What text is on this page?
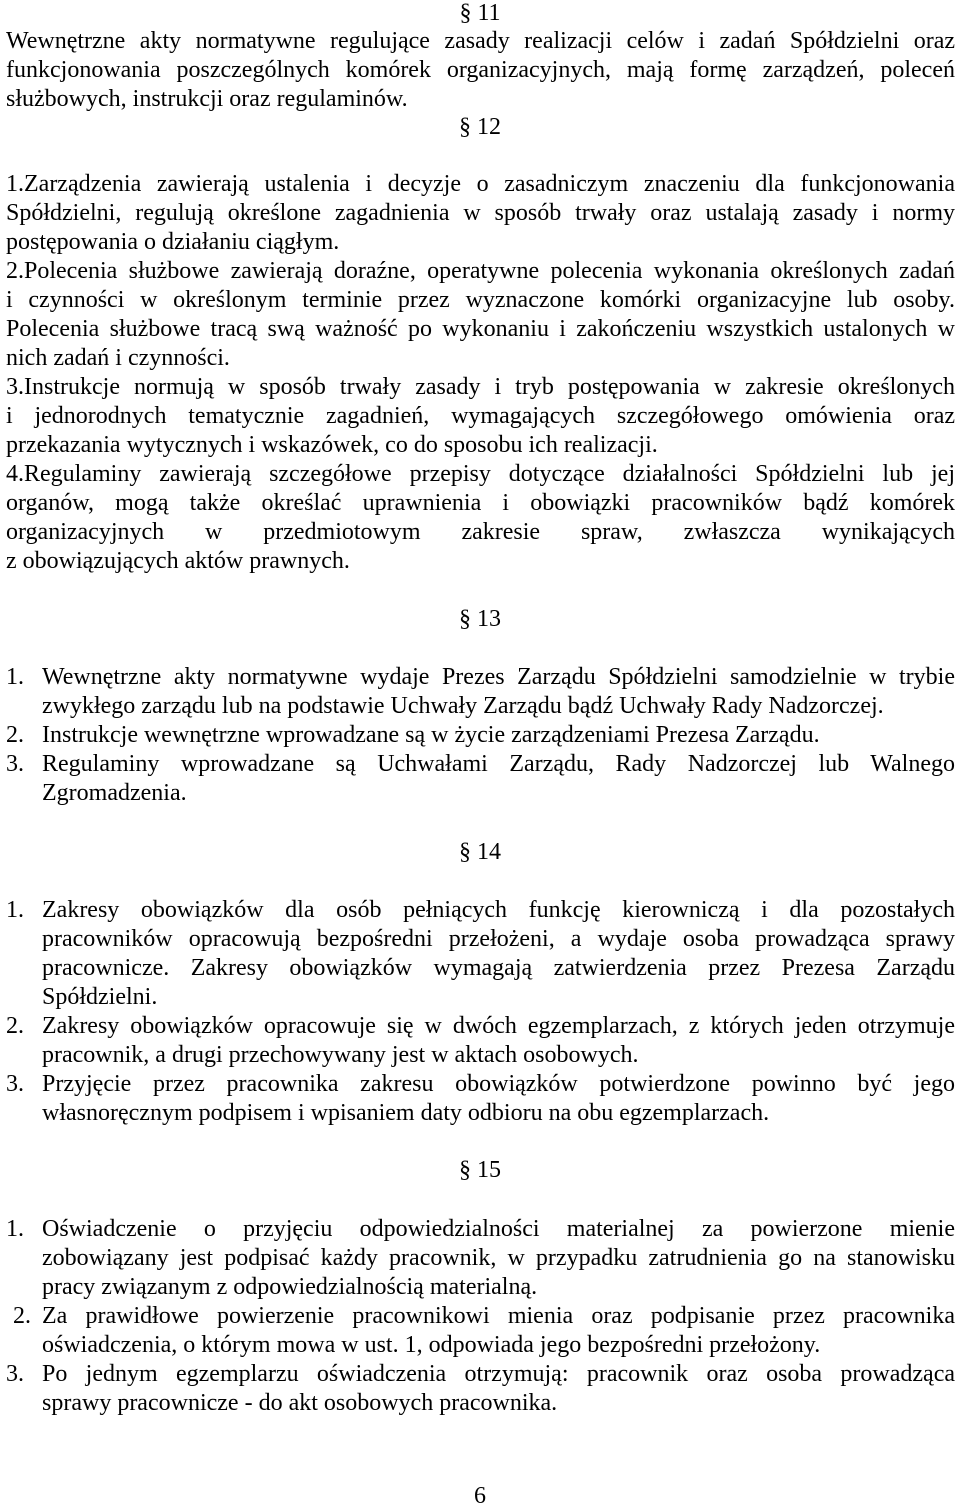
§ 11
Wewnętrzne akty normatywne regulujące zasady realizacji celów i zadań Spółdzielni oraz
funkcjonowania poszczególnych komórek organizacyjnych, mają formę zarządzeń, poleceń
służbowych, instrukcji oraz regulaminów.
§ 12
1.Zarządzenia zawierają ustalenia i decyzje o zasadniczym znaczeniu dla funkcjonowania
Spółdzielni, regulują określone zagadnienia w sposób trwały oraz ustalają zasady i normy
postępowania o działaniu ciągłym.
2.Polecenia służbowe zawierają doraźne, operatywne polecenia wykonania określonych zadań
i czynności w określonym terminie przez wyznaczone komórki organizacyjne lub osoby.
Polecenia służbowe tracą swą ważność po wykonaniu i zakończeniu wszystkich ustalonych w
nich zadań i czynności.
3.Instrukcje normują w sposób trwały zasady i tryb postępowania w zakresie określonych
i jednorodnych tematycznie zagadnień, wymagających szczegółowego omówienia oraz
przekazania wytycznych i wskazówek, co do sposobu ich realizacji.
4.Regulaminy zawierają szczegółowe przepisy dotyczące działalności Spółdzielni lub jej
organów, mogą także określać uprawnienia i obowiązki pracowników bądź komórek
organizacyjnych w przedmiotowym zakresie spraw, zwłaszcza wynikających
z obowiązujących aktów prawnych.
§ 13
1. Wewnętrzne akty normatywne wydaje Prezes Zarządu Spółdzielni samodzielnie w trybie
zwykłego zarządu lub na podstawie Uchwały Zarządu bądź Uchwały Rady Nadzorczej.
2. Instrukcje wewnętrzne wprowadzane są w życie zarządzeniami Prezesa Zarządu.
3. Regulaminy wprowadzane są Uchwałami Zarządu, Rady Nadzorczej lub Walnego
Zgromadzenia.
§ 14
1. Zakresy obowiązków dla osób pełniących funkcję kierowniczą i dla pozostałych
pracowników opracowują bezpośredni przełożeni, a wydaje osoba prowadząca sprawy
pracownicze. Zakresy obowiązków wymagają zatwierdzenia przez Prezesa Zarządu
Spółdzielni.
2. Zakresy obowiązków opracowuje się w dwóch egzemplarzach, z których jeden otrzymuje
pracownik, a drugi przechowywany jest w aktach osobowych.
3. Przyjęcie przez pracownika zakresu obowiązków potwierdzone powinno być jego
własnoręcznym podpisem i wpisaniem daty odbioru na obu egzemplarzach.
§ 15
1. Oświadczenie o przyjęciu odpowiedzialności materialnej za powierzone mienie
zobowiązany jest podpisać każdy pracownik, w przypadku zatrudnienia go na stanowisku
pracy związanym z odpowiedzialnością materialną.
2. Za prawidłowe powierzenie pracownikowi mienia oraz podpisanie przez pracownika
oświadczenia, o którym mowa w ust. 1, odpowiada jego bezpośredni przełożony.
3. Po jednym egzemplarzu oświadczenia otrzymują: pracownik oraz osoba prowadząca
sprawy pracownicze - do akt osobowych pracownika.
6
